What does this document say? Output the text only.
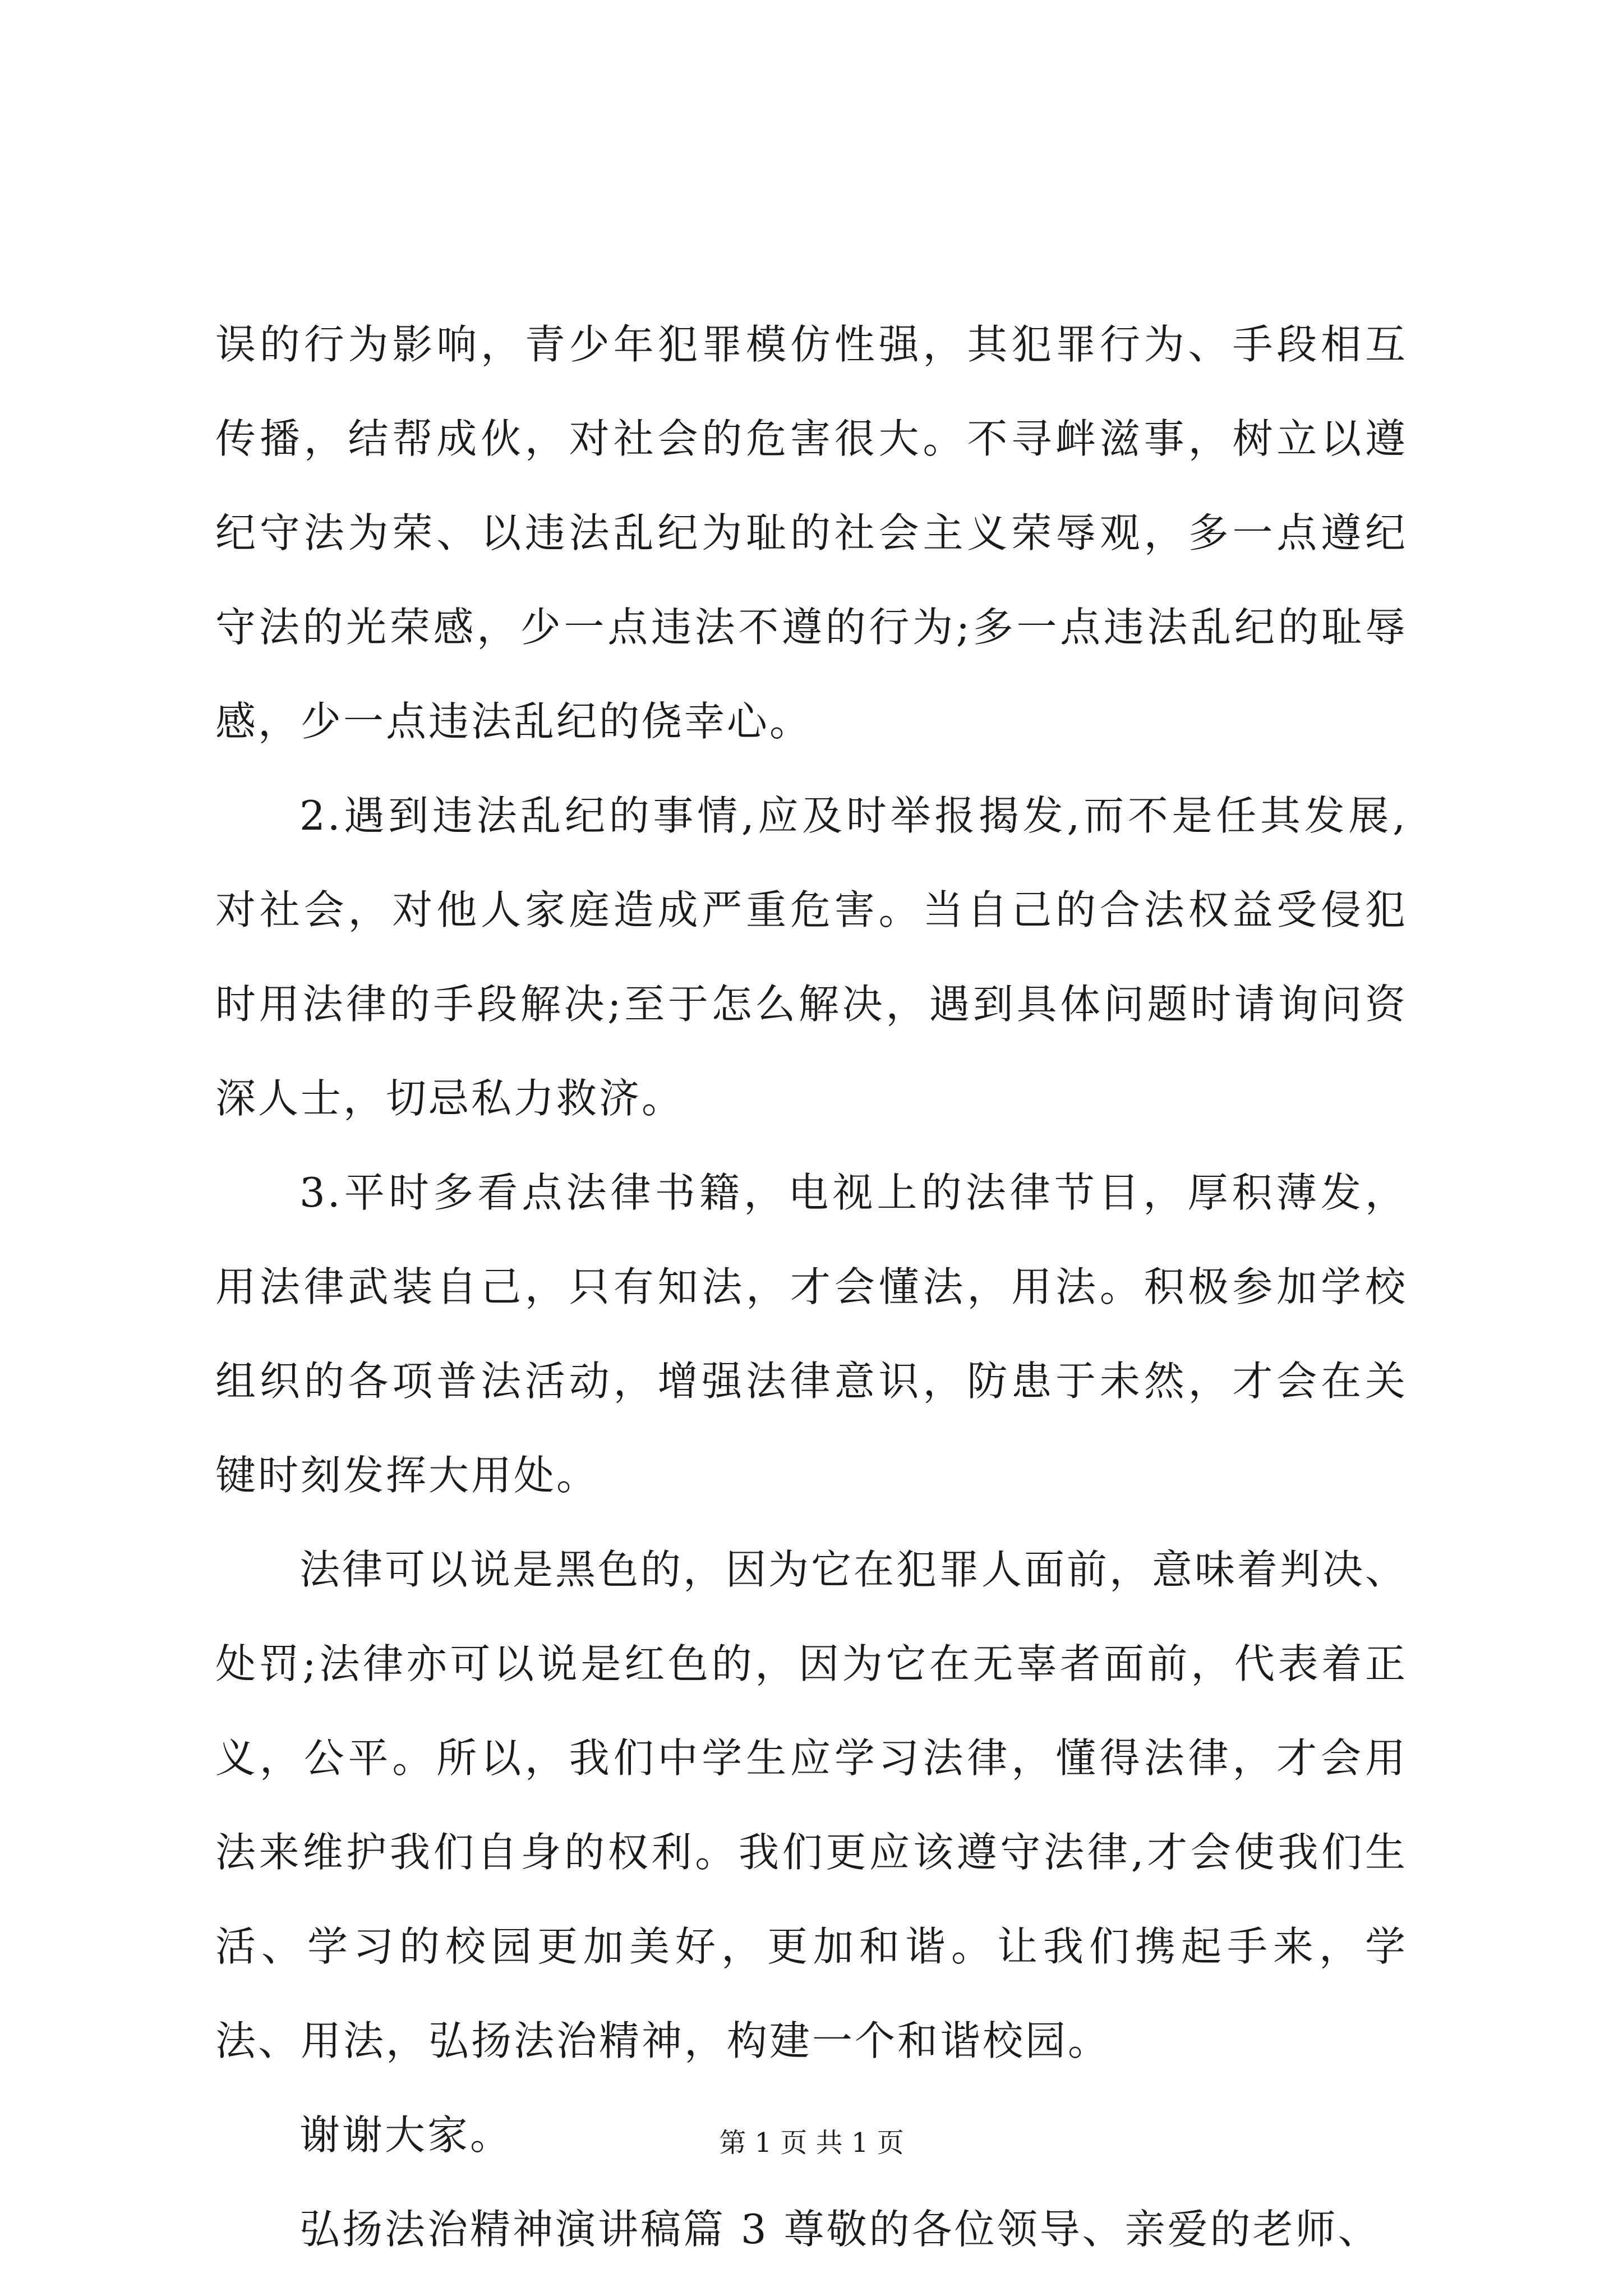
误的行为影响，青少年犯罪模仿性强，其犯罪行为、手段相互传播，结帮成伙，对社会的危害很大。不寻衅滋事，树立以遵纪守法为荣、以违法乱纪为耻的社会主义荣辱观，多一点遵纪守法的光荣感，少一点违法不遵的行为;多一点违法乱纪的耻辱感，少一点违法乱纪的侥幸心。

2.遇到违法乱纪的事情,应及时举报揭发,而不是任其发展,对社会，对他人家庭造成严重危害。当自己的合法权益受侵犯时用法律的手段解决;至于怎么解决，遇到具体问题时请询问资深人士，切忌私力救济。

3.平时多看点法律书籍，电视上的法律节目，厚积薄发，用法律武装自己，只有知法，才会懂法，用法。积极参加学校组织的各项普法活动，增强法律意识，防患于未然，才会在关键时刻发挥大用处。

法律可以说是黑色的，因为它在犯罪人面前，意味着判决、处罚;法律亦可以说是红色的，因为它在无辜者面前，代表着正义，公平。所以，我们中学生应学习法律，懂得法律，才会用法来维护我们自身的权利。我们更应该遵守法律,才会使我们生活、学习的校园更加美好，更加和谐。让我们携起手来，学法、用法，弘扬法治精神，构建一个和谐校园。

谢谢大家。

弘扬法治精神演讲稿篇 3 尊敬的各位领导、亲爱的老师、

第 1 页 共 1 页
